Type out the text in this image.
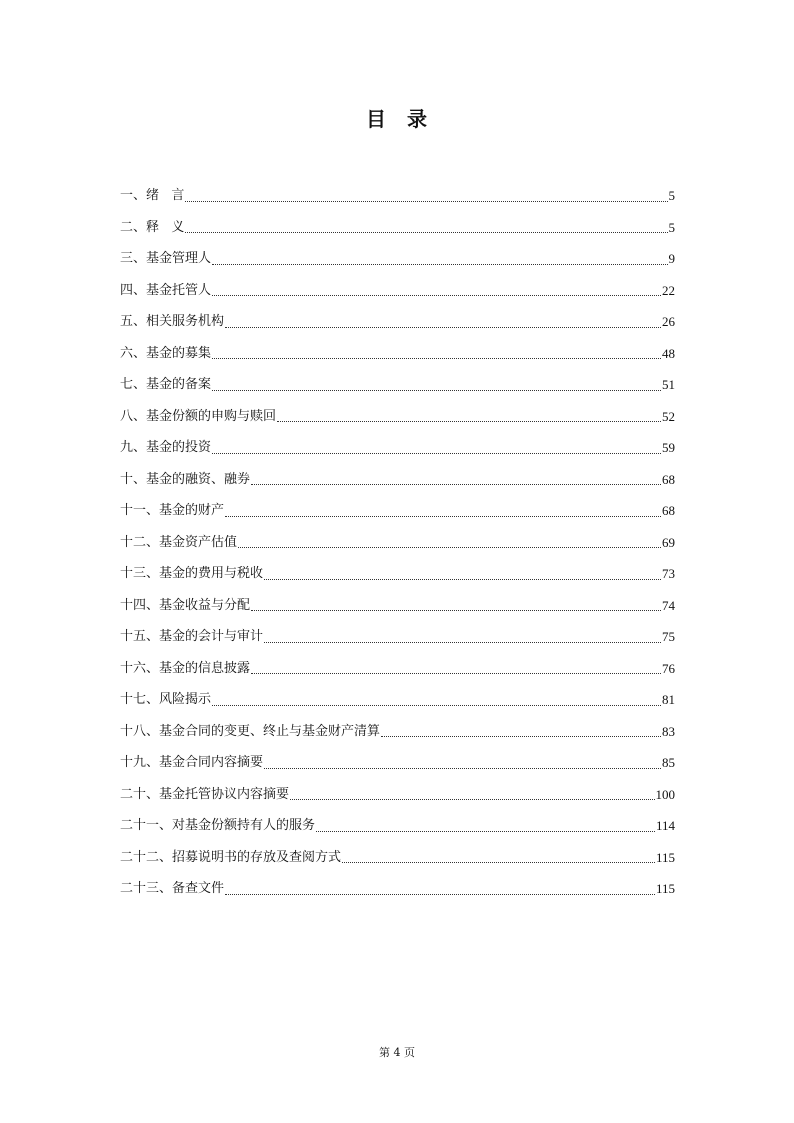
目 录
一、绪   言	5
二、释   义	5
三、基金管理人	9
四、基金托管人	22
五、相关服务机构	26
六、基金的募集	48
七、基金的备案	51
八、基金份额的申购与赎回	52
九、基金的投资	59
十、基金的融资、融券	68
十一、基金的财产	68
十二、基金资产估值	69
十三、基金的费用与税收	73
十四、基金收益与分配	74
十五、基金的会计与审计	75
十六、基金的信息披露	76
十七、风险揭示	81
十八、基金合同的变更、终止与基金财产清算	83
十九、基金合同内容摘要	85
二十、基金托管协议内容摘要	100
二十一、对基金份额持有人的服务	114
二十二、招募说明书的存放及查阅方式	115
二十三、备查文件	115
第 4 页
